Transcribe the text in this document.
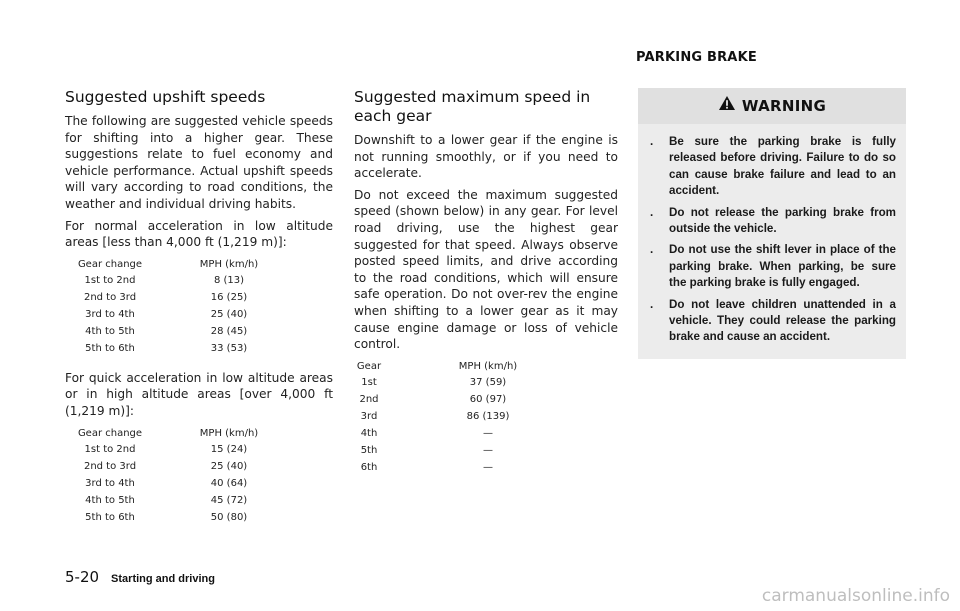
PARKING BRAKE
Suggested upshift speeds

The following are suggested vehicle speeds for shifting into a higher gear. These suggestions relate to fuel economy and vehicle performance. Actual upshift speeds will vary according to road conditions, the weather and individual driving habits.

For normal acceleration in low altitude areas [less than 4,000 ft (1,219 m)]:

Gear change	MPH (km/h)
1st to 2nd	8 (13)
2nd to 3rd	16 (25)
3rd to 4th	25 (40)
4th to 5th	28 (45)
5th to 6th	33 (53)

For quick acceleration in low altitude areas or in high altitude areas [over 4,000 ft (1,219 m)]:

Gear change	MPH (km/h)
1st to 2nd	15 (24)
2nd to 3rd	25 (40)
3rd to 4th	40 (64)
4th to 5th	45 (72)
5th to 6th	50 (80)
Suggested maximum speed in each gear

Downshift to a lower gear if the engine is not running smoothly, or if you need to accelerate.

Do not exceed the maximum suggested speed (shown below) in any gear. For level road driving, use the highest gear suggested for that speed. Always observe posted speed limits, and drive according to the road conditions, which will ensure safe operation. Do not over-rev the engine when shifting to a lower gear as it may cause engine damage or loss of vehicle control.

Gear	MPH (km/h)
1st	37 (59)
2nd	60 (97)
3rd	86 (139)
4th	—
5th	—
6th	—
WARNING
. Be sure the parking brake is fully released before driving. Failure to do so can cause brake failure and lead to an accident.
. Do not release the parking brake from outside the vehicle.
. Do not use the shift lever in place of the parking brake. When parking, be sure the parking brake is fully engaged.
. Do not leave children unattended in a vehicle. They could release the parking brake and cause an accident.
5-20 Starting and driving
carmanualsonline.info
